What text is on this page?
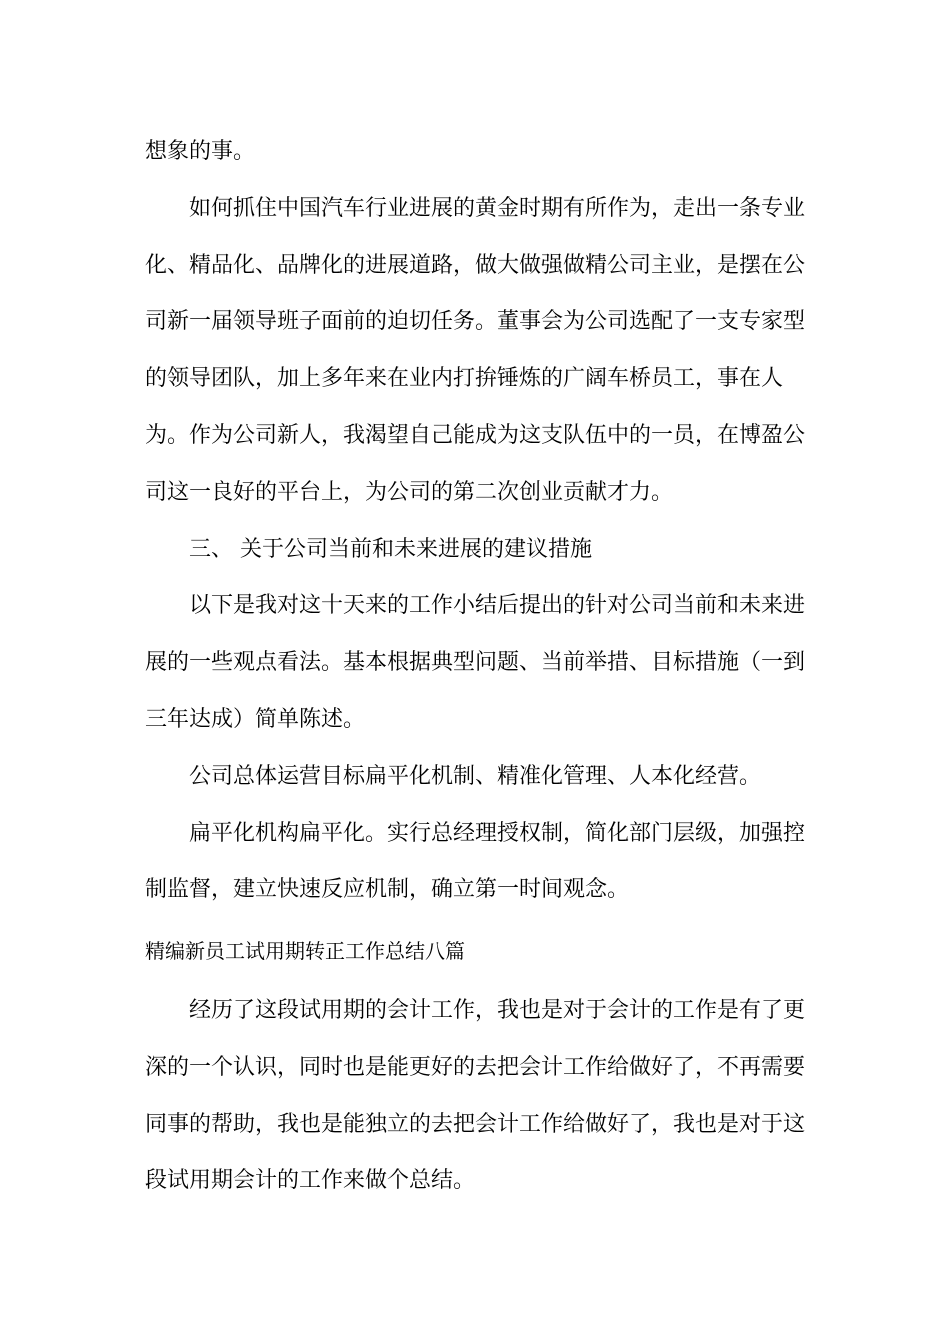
想象的事。

如何抓住中国汽车行业进展的黄金时期有所作为，走出一条专业化、精品化、品牌化的进展道路，做大做强做精公司主业，是摆在公司新一届领导班子面前的迫切任务。董事会为公司选配了一支专家型的领导团队，加上多年来在业内打拚锤炼的广阔车桥员工，事在人为。作为公司新人，我渴望自己能成为这支队伍中的一员，在博盈公司这一良好的平台上，为公司的第二次创业贡献才力。

三、 关于公司当前和未来进展的建议措施

以下是我对这十天来的工作小结后提出的针对公司当前和未来进展的一些观点看法。基本根据典型问题、当前举措、目标措施（一到三年达成）简单陈述。

公司总体运营目标扁平化机制、精准化管理、人本化经营。

扁平化机构扁平化。实行总经理授权制，简化部门层级，加强控制监督，建立快速反应机制，确立第一时间观念。

精编新员工试用期转正工作总结八篇

经历了这段试用期的会计工作，我也是对于会计的工作是有了更深的一个认识，同时也是能更好的去把会计工作给做好了，不再需要同事的帮助，我也是能独立的去把会计工作给做好了，我也是对于这段试用期会计的工作来做个总结。
